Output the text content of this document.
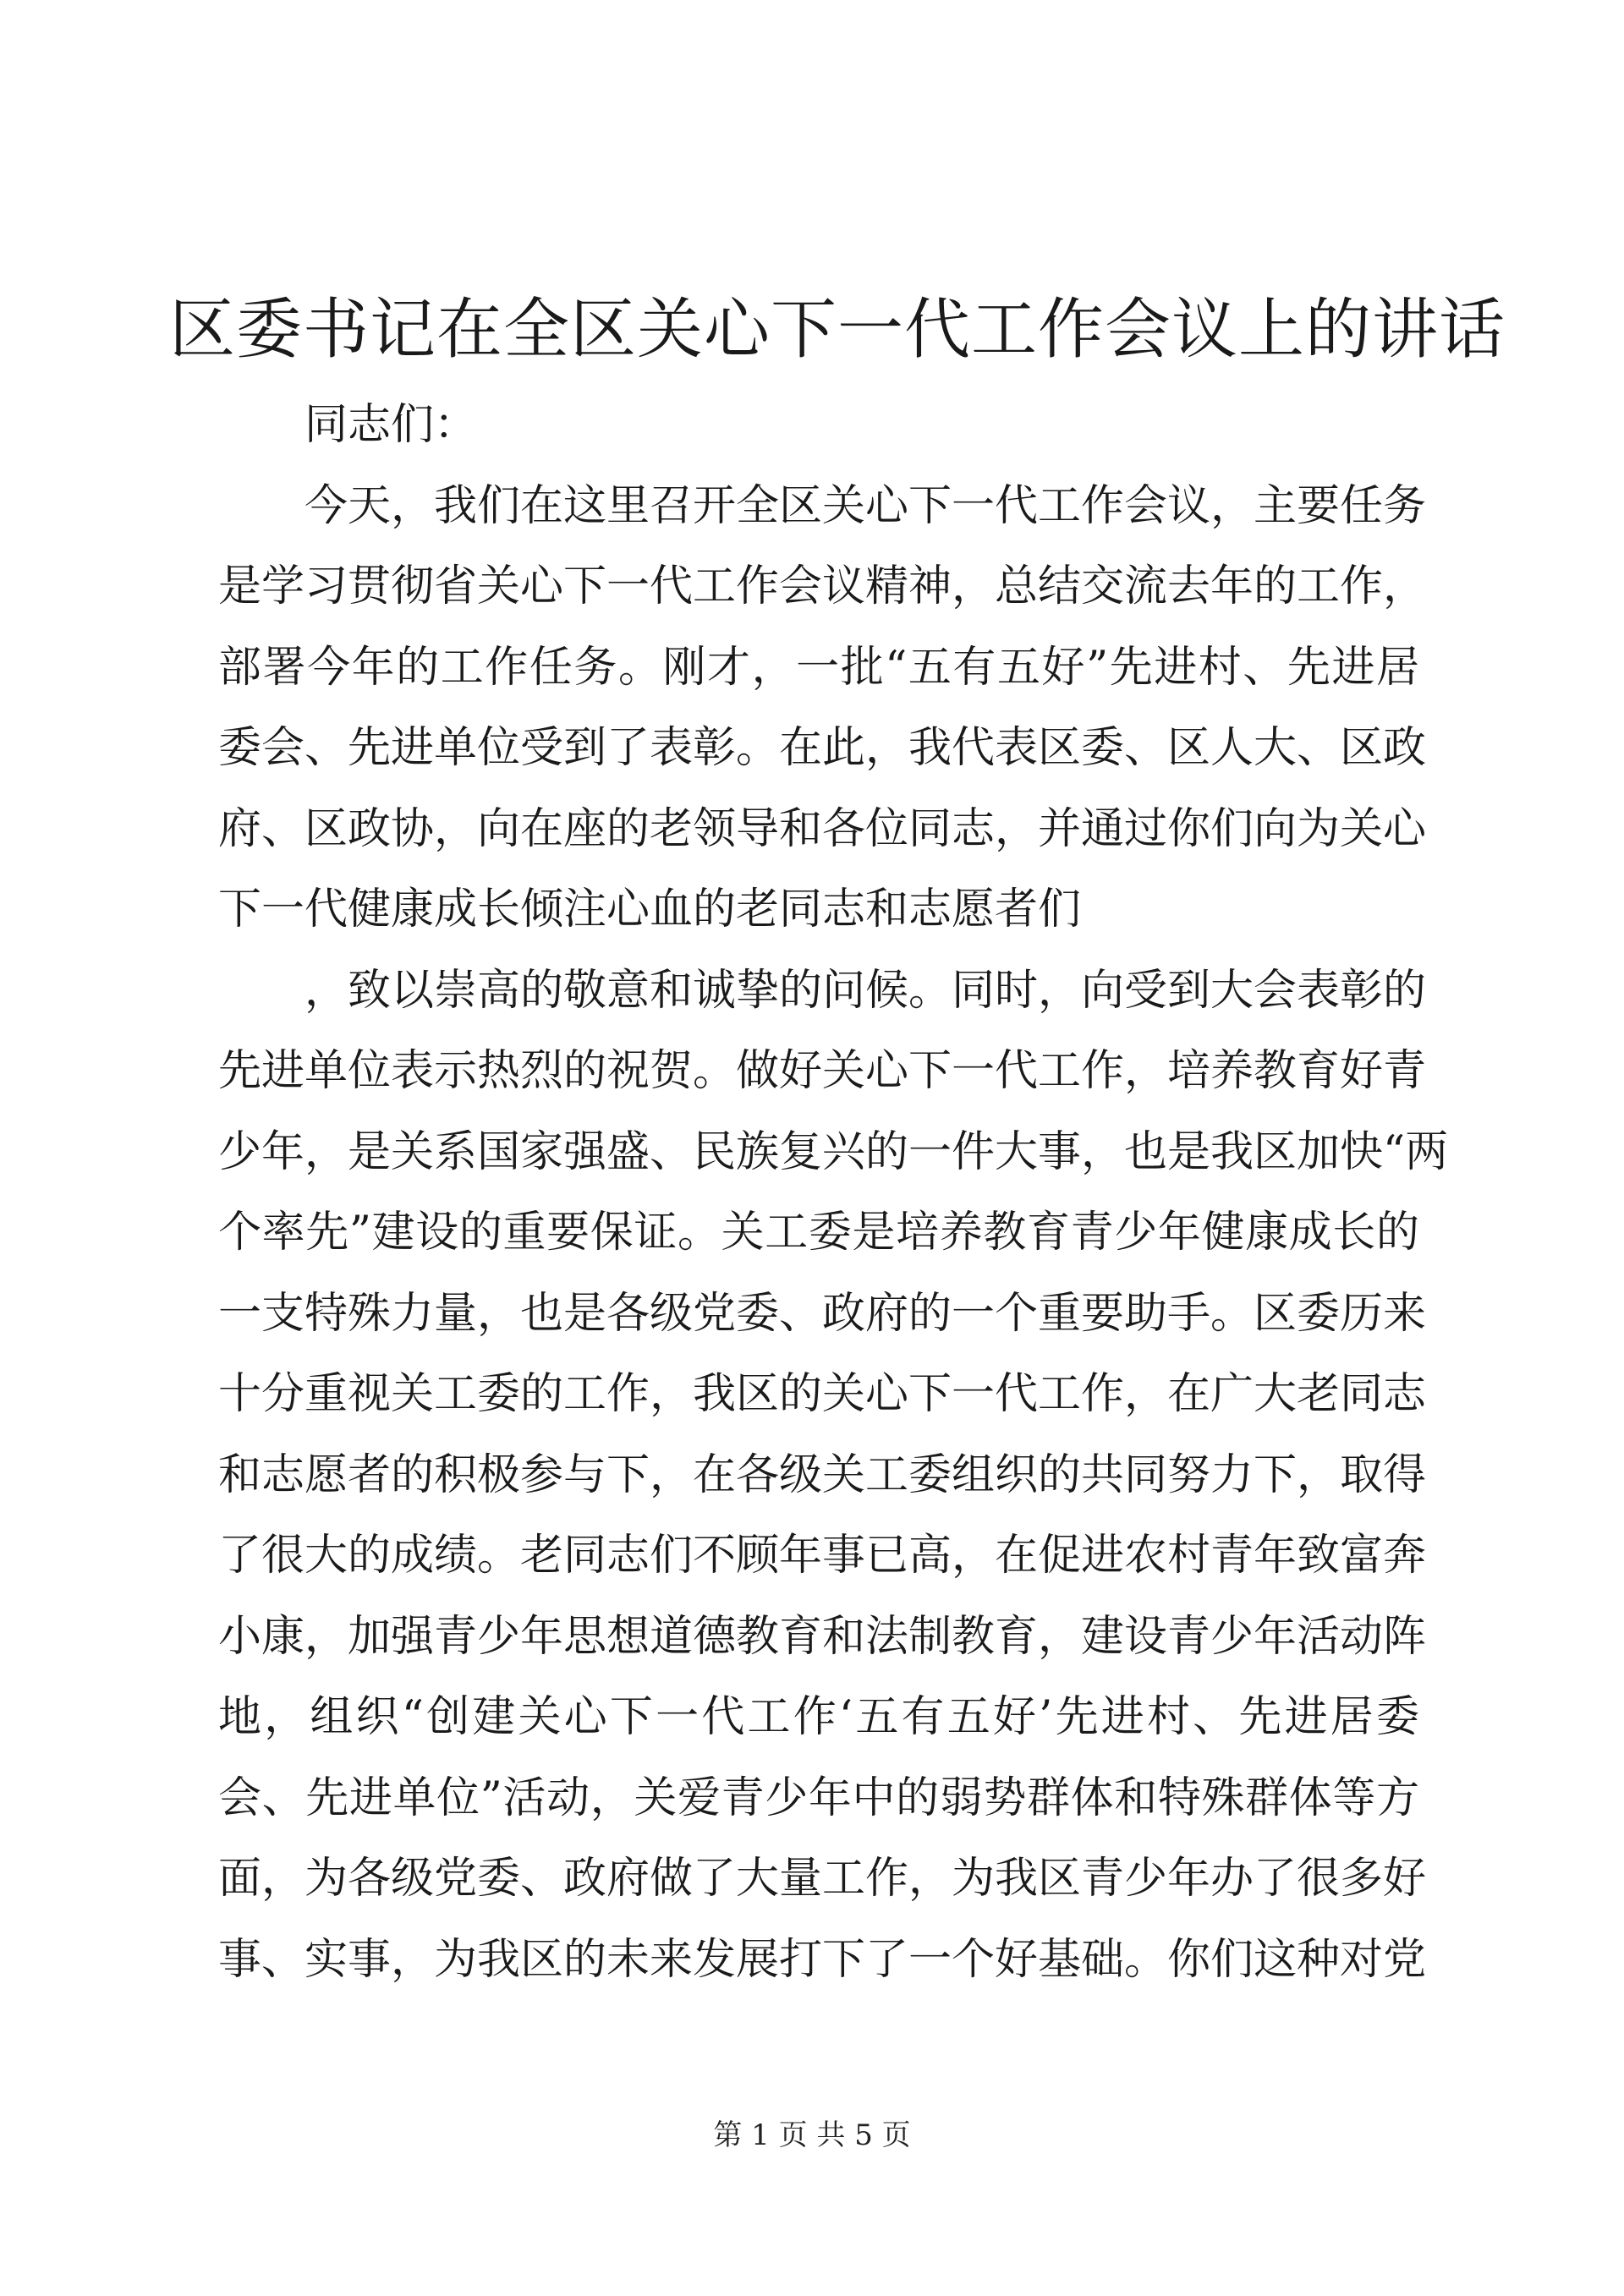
区委书记在全区关心下一代工作会议上的讲话
同志们：
今天，我们在这里召开全区关心下一代工作会议，主要任务
是学习贯彻省关心下一代工作会议精神，总结交流去年的工作，
部署今年的工作任务。刚才，一批“五有五好”先进村、先进居
委会、先进单位受到了表彰。在此，我代表区委、区人大、区政
府、区政协，向在座的老领导和各位同志，并通过你们向为关心
下一代健康成长倾注心血的老同志和志愿者们
，致以崇高的敬意和诚挚的问候。同时，向受到大会表彰的
先进单位表示热烈的祝贺。做好关心下一代工作，培养教育好青
少年，是关系国家强盛、民族复兴的一件大事，也是我区加快“两
个率先”建设的重要保证。关工委是培养教育青少年健康成长的
一支特殊力量，也是各级党委、政府的一个重要助手。区委历来
十分重视关工委的工作，我区的关心下一代工作，在广大老同志
和志愿者的积极参与下，在各级关工委组织的共同努力下，取得
了很大的成绩。老同志们不顾年事已高，在促进农村青年致富奔
小康，加强青少年思想道德教育和法制教育，建设青少年活动阵
地，组织“创建关心下一代工作‘五有五好’先进村、先进居委
会、先进单位”活动，关爱青少年中的弱势群体和特殊群体等方
面，为各级党委、政府做了大量工作，为我区青少年办了很多好
事、实事，为我区的未来发展打下了一个好基础。你们这种对党
第 1 页 共 5 页
